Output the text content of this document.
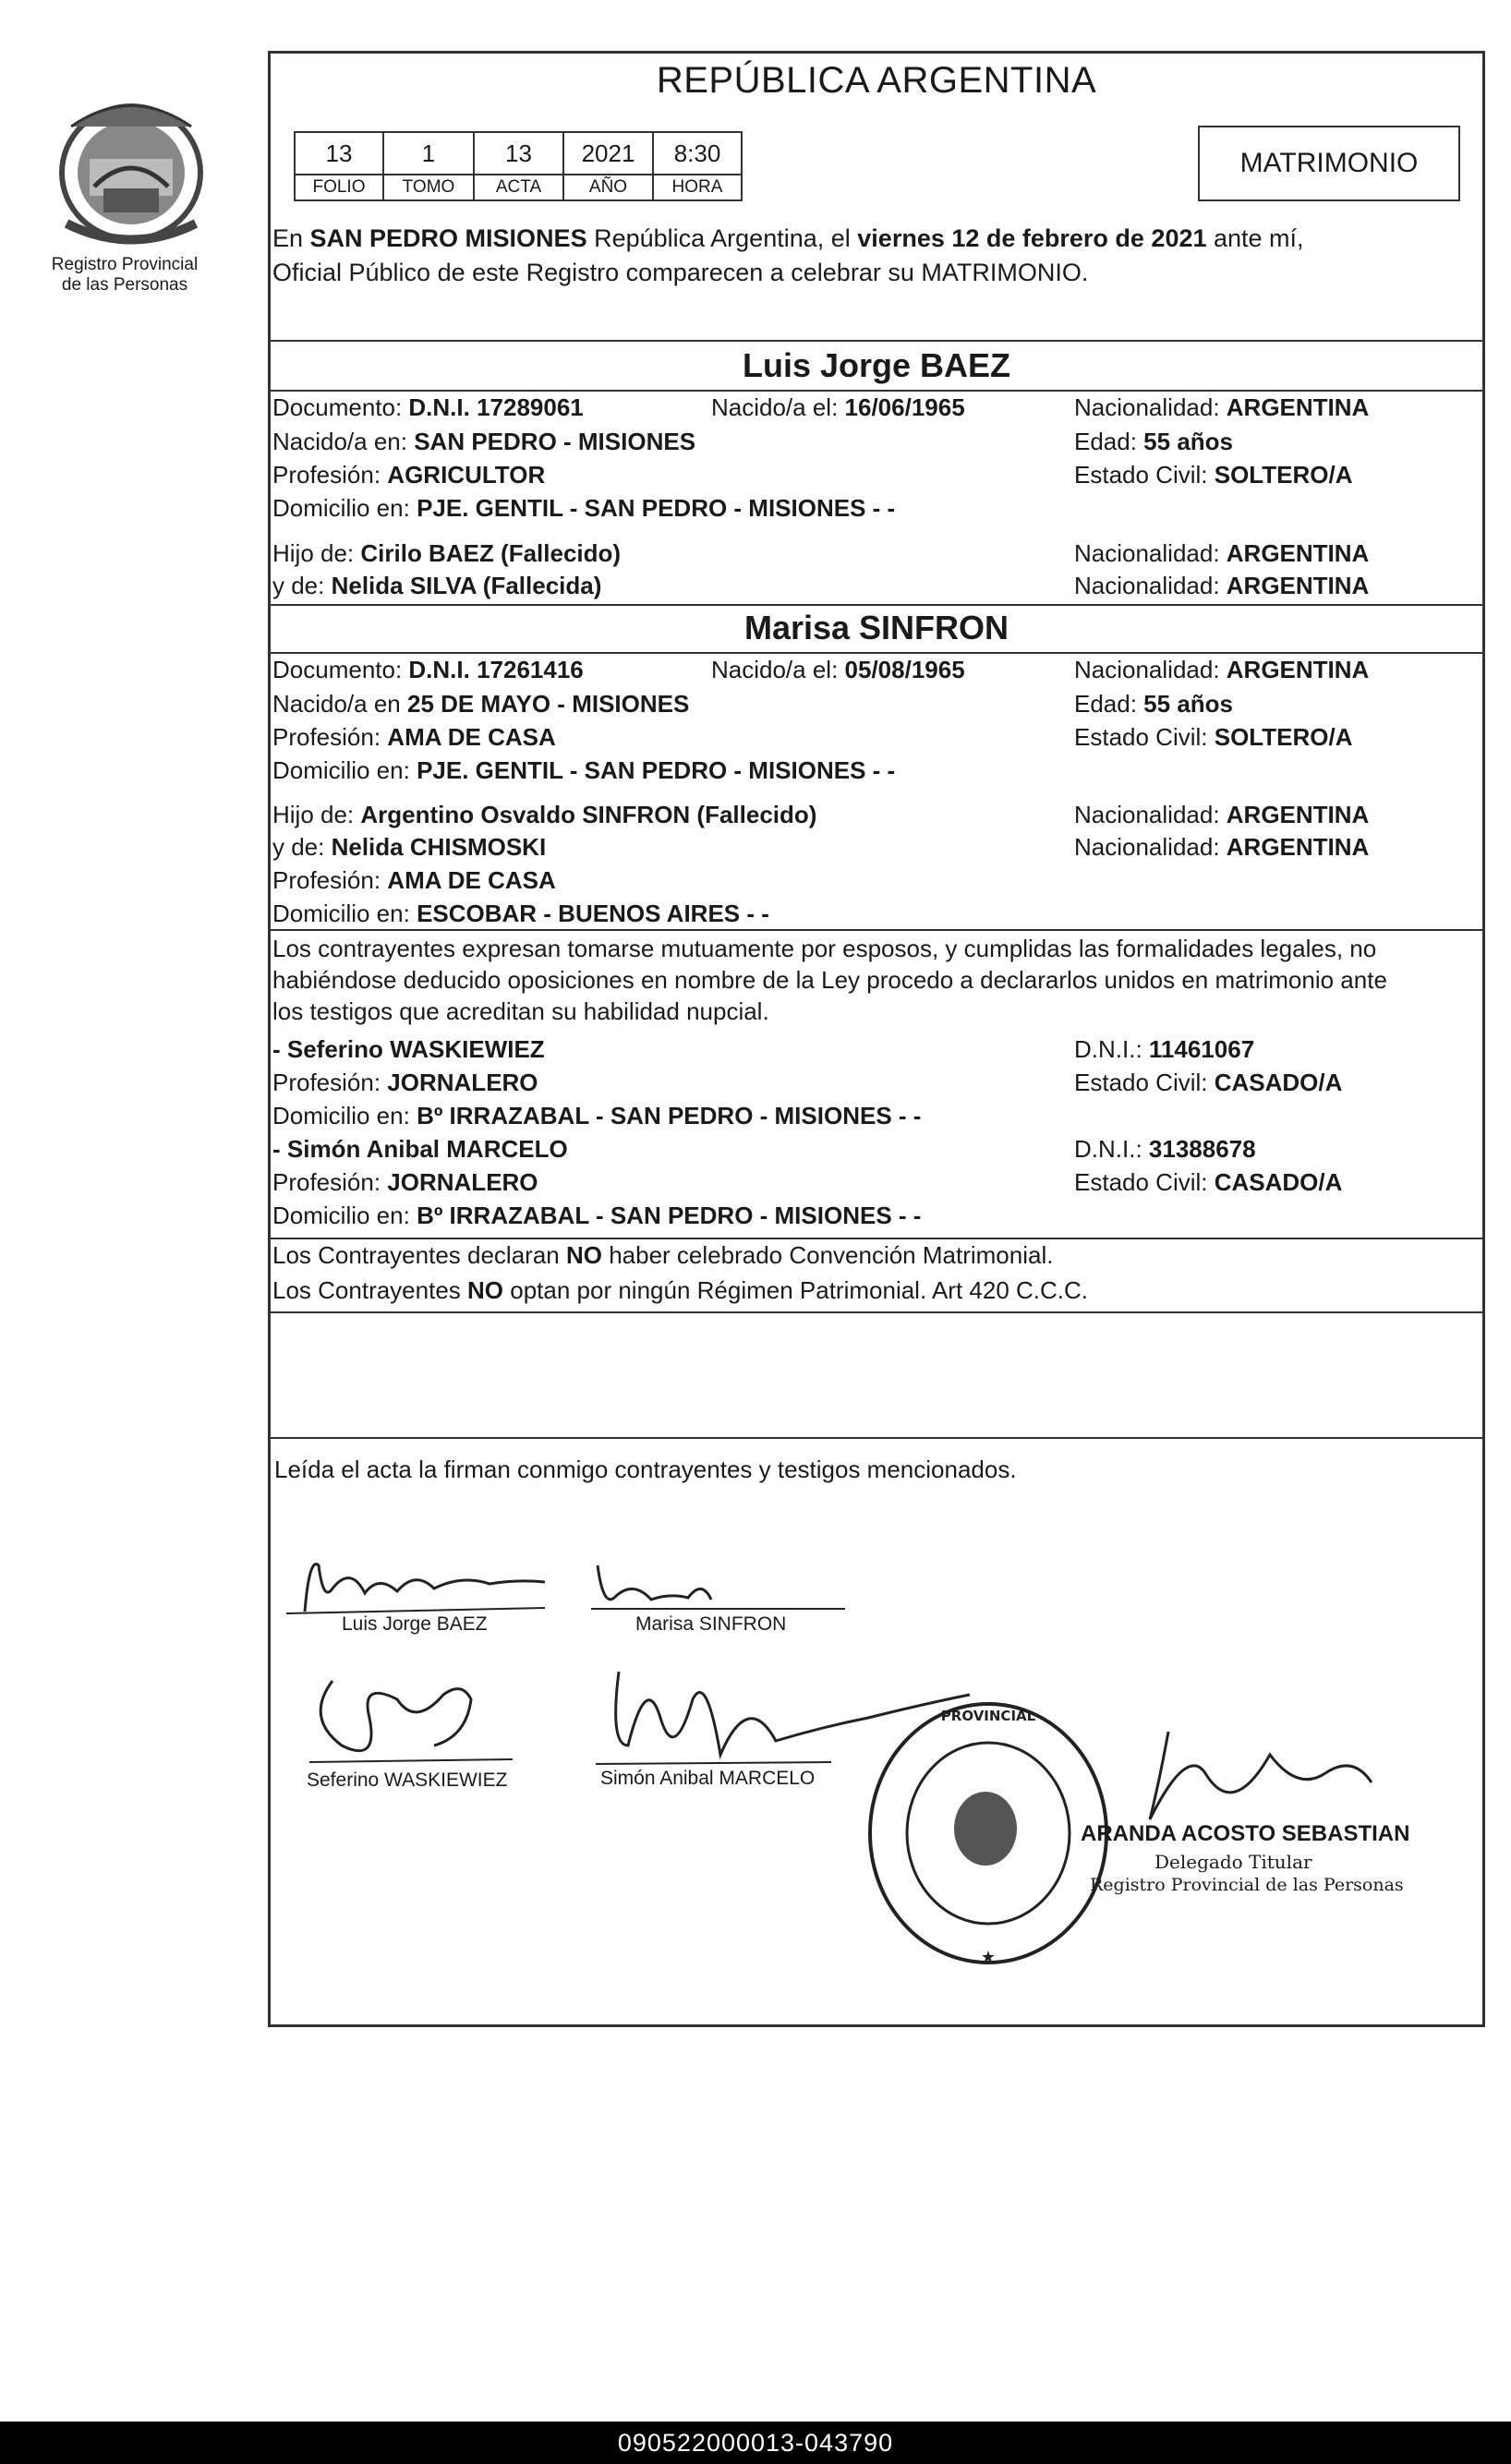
Registro Provincial
de las Personas
REPÚBLICA ARGENTINA
13	1	13	2021	8:30
FOLIO	TOMO	ACTA	AÑO	HORA
MATRIMONIO
En SAN PEDRO MISIONES República Argentina, el viernes 12 de febrero de 2021 ante mí,
Oficial Público de este Registro comparecen a celebrar su MATRIMONIO.
Luis Jorge BAEZ
Documento: D.N.I. 17289061	Nacido/a el: 16/06/1965	Nacionalidad: ARGENTINA
Nacido/a en: SAN PEDRO - MISIONES	Edad: 55 años
Profesión: AGRICULTOR	Estado Civil: SOLTERO/A
Domicilio en: PJE. GENTIL - SAN PEDRO - MISIONES - -
Hijo de: Cirilo BAEZ (Fallecido)	Nacionalidad: ARGENTINA
y de: Nelida SILVA (Fallecida)	Nacionalidad: ARGENTINA
Marisa SINFRON
Documento: D.N.I. 17261416	Nacido/a el: 05/08/1965	Nacionalidad: ARGENTINA
Nacido/a en 25 DE MAYO - MISIONES	Edad: 55 años
Profesión: AMA DE CASA	Estado Civil: SOLTERO/A
Domicilio en: PJE. GENTIL - SAN PEDRO - MISIONES - -
Hijo de: Argentino Osvaldo SINFRON (Fallecido)	Nacionalidad: ARGENTINA
y de: Nelida CHISMOSKI	Nacionalidad: ARGENTINA
Profesión: AMA DE CASA
Domicilio en: ESCOBAR - BUENOS AIRES - -
Los contrayentes expresan tomarse mutuamente por esposos, y cumplidas las formalidades legales, no
habiéndose deducido oposiciones en nombre de la Ley procedo a declararlos unidos en matrimonio ante
los testigos que acreditan su habilidad nupcial.
- Seferino WASKIEWIEZ	D.N.I.: 11461067
Profesión: JORNALERO	Estado Civil: CASADO/A
Domicilio en: Bº IRRAZABAL - SAN PEDRO - MISIONES - -
- Simón Anibal MARCELO	D.N.I.: 31388678
Profesión: JORNALERO	Estado Civil: CASADO/A
Domicilio en: Bº IRRAZABAL - SAN PEDRO - MISIONES - -
Los Contrayentes declaran NO haber celebrado Convención Matrimonial.
Los Contrayentes NO optan por ningún Régimen Patrimonial. Art 420 C.C.C.
Leída el acta la firman conmigo contrayentes y testigos mencionados.
Luis Jorge BAEZ	Marisa SINFRON
Seferino WASKIEWIEZ	Simón Anibal MARCELO
PROVINCIAL
★
ARANDA ACOSTO SEBASTIAN
Delegado Titular
Registro Provincial de las Personas
090522000013-043790
